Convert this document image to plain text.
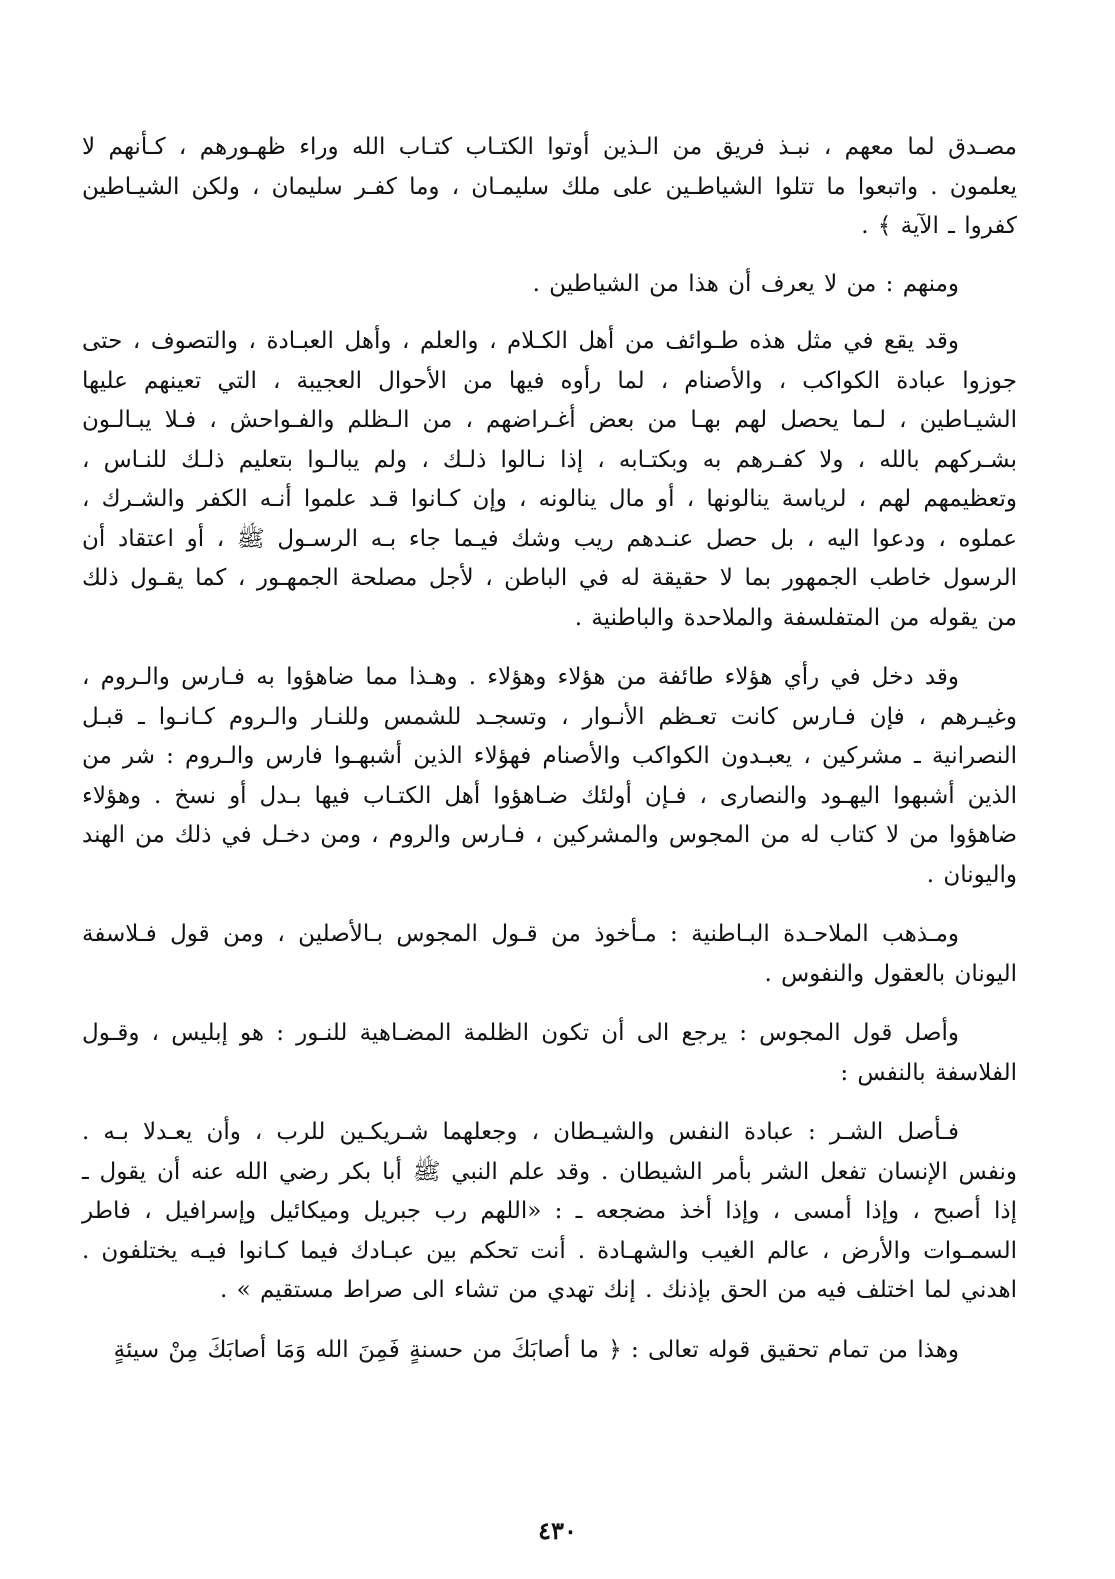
مصـدق لما معهم ، نبـذ فريق من الـذين أوتوا الكتـاب كتـاب الله وراء ظهـورهم ، كـأنهم لا يعلمون . واتبعوا ما تتلوا الشياطـين على ملك سليمـان ، وما كفـر سليمان ، ولكن الشيـاطين كفروا ـ الآية ﴾ .

ومنهم : من لا يعرف أن هذا من الشياطين .

وقد يقع في مثل هذه طـوائف من أهل الكـلام ، والعلم ، وأهل العبـادة ، والتصوف ، حتى جوزوا عبادة الكواكب ، والأصنام ، لما رأوه فيها من الأحوال العجيبة ، التي تعينهم عليها الشيـاطين ، لـما يحصل لهم بهـا من بعض أغـراضهم ، من الـظلم والفـواحش ، فـلا يبـالـون بشـركهم بالله ، ولا كفـرهم به وبكتـابه ، إذا نـالوا ذلـك ، ولم يبالـوا بتعليم ذلـك للنـاس ، وتعظيمهم لهم ، لرياسة ينالونها ، أو مال ينالونه ، وإن كـانوا قـد علموا أنـه الكفر والشـرك ، عملوه ، ودعوا اليه ، بل حصل عنـدهم ريب وشك فيـما جاء بـه الرسـول ﷺ ، أو اعتقاد أن الرسول خاطب الجمهور بما لا حقيقة له في الباطن ، لأجل مصلحة الجمهـور ، كما يقـول ذلك من يقوله من المتفلسفة والملاحدة والباطنية .

وقد دخل في رأي هؤلاء طائفة من هؤلاء وهؤلاء . وهـذا مما ضاهؤوا به فـارس والـروم ، وغيـرهم ، فإن فـارس كانت تعـظم الأنـوار ، وتسجـد للشمس وللنـار والـروم كـانـوا ـ قبـل النصرانية ـ مشركين ، يعبـدون الكواكب والأصنام فهؤلاء الذين أشبهـوا فارس والـروم : شر من الذين أشبهوا اليهـود والنصارى ، فـإن أولئك ضـاهؤوا أهل الكتـاب فيها بـدل أو نسخ . وهؤلاء ضاهؤوا من لا كتاب له من المجوس والمشركين ، فـارس والروم ، ومن دخـل في ذلك من الهند واليونان .

ومـذهب الملاحـدة البـاطنية : مـأخوذ من قـول المجوس بـالأصلين ، ومن قول فـلاسفة اليونان بالعقول والنفوس .

وأصل قول المجوس : يرجع الى أن تكون الظلمة المضـاهية للنـور : هو إبليس ، وقـول الفلاسفة بالنفس :

فـأصل الشـر : عبادة النفس والشيـطان ، وجعلهما شـريكـين للرب ، وأن يعـدلا بـه . ونفس الإنسان تفعل الشر بأمر الشيطان . وقد علم النبي ﷺ أبا بكر رضي الله عنه أن يقول ـ إذا أصبح ، وإذا أمسى ، وإذا أخذ مضجعه ـ : «اللهم رب جبريل وميكائيل وإسرافيل ، فاطر السمـوات والأرض ، عالم الغيب والشهـادة . أنت تحكم بين عبـادك فيما كـانوا فيـه يختلفون . اهدني لما اختلف فيه من الحق بإذنك . إنك تهدي من تشاء الى صراط مستقيم » .

وهذا من تمام تحقيق قوله تعالى : ﴿ ما أصابَكَ من حسنةٍ فَمِنَ الله وَمَا أصابَكَ مِنْ سيئةٍ

٤٣٠
